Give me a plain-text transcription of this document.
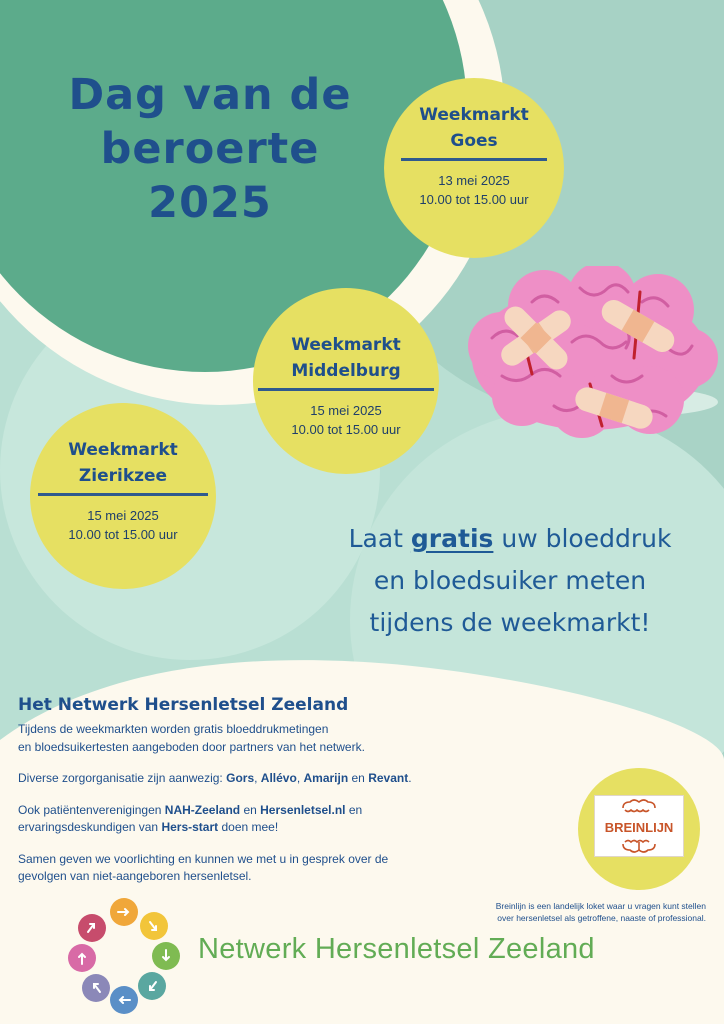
Dag van de
beroerte
2025
Weekmarkt
Goes
13 mei 2025
10.00 tot 15.00 uur
Weekmarkt
Middelburg
15 mei 2025
10.00 tot 15.00 uur
Weekmarkt
Zierikzee
15 mei 2025
10.00 tot 15.00 uur	Laat gratis uw bloeddruk
en bloedsuiker meten
tijdens de weekmarkt!
Het Netwerk Hersenletsel Zeeland

Tijdens de weekmarkten worden gratis bloeddrukmetingen
en bloedsuikertesten aangeboden door partners van het netwerk.

Diverse zorgorganisatie zijn aanwezig: Gors, Allévo, Amarijn en Revant.

Ook patiëntenverenigingen NAH-Zeeland en Hersenletsel.nl en
ervaringsdeskundigen van Hers-start doen mee!

Samen geven we voorlichting en kunnen we met u in gesprek over de
gevolgen van niet-aangeboren hersenletsel.

BREINLIJN
Breinlijn is een landelijk loket waar u vragen kunt stellen
over hersenletsel als getroffene, naaste of professional.
Netwerk Hersenletsel Zeeland
